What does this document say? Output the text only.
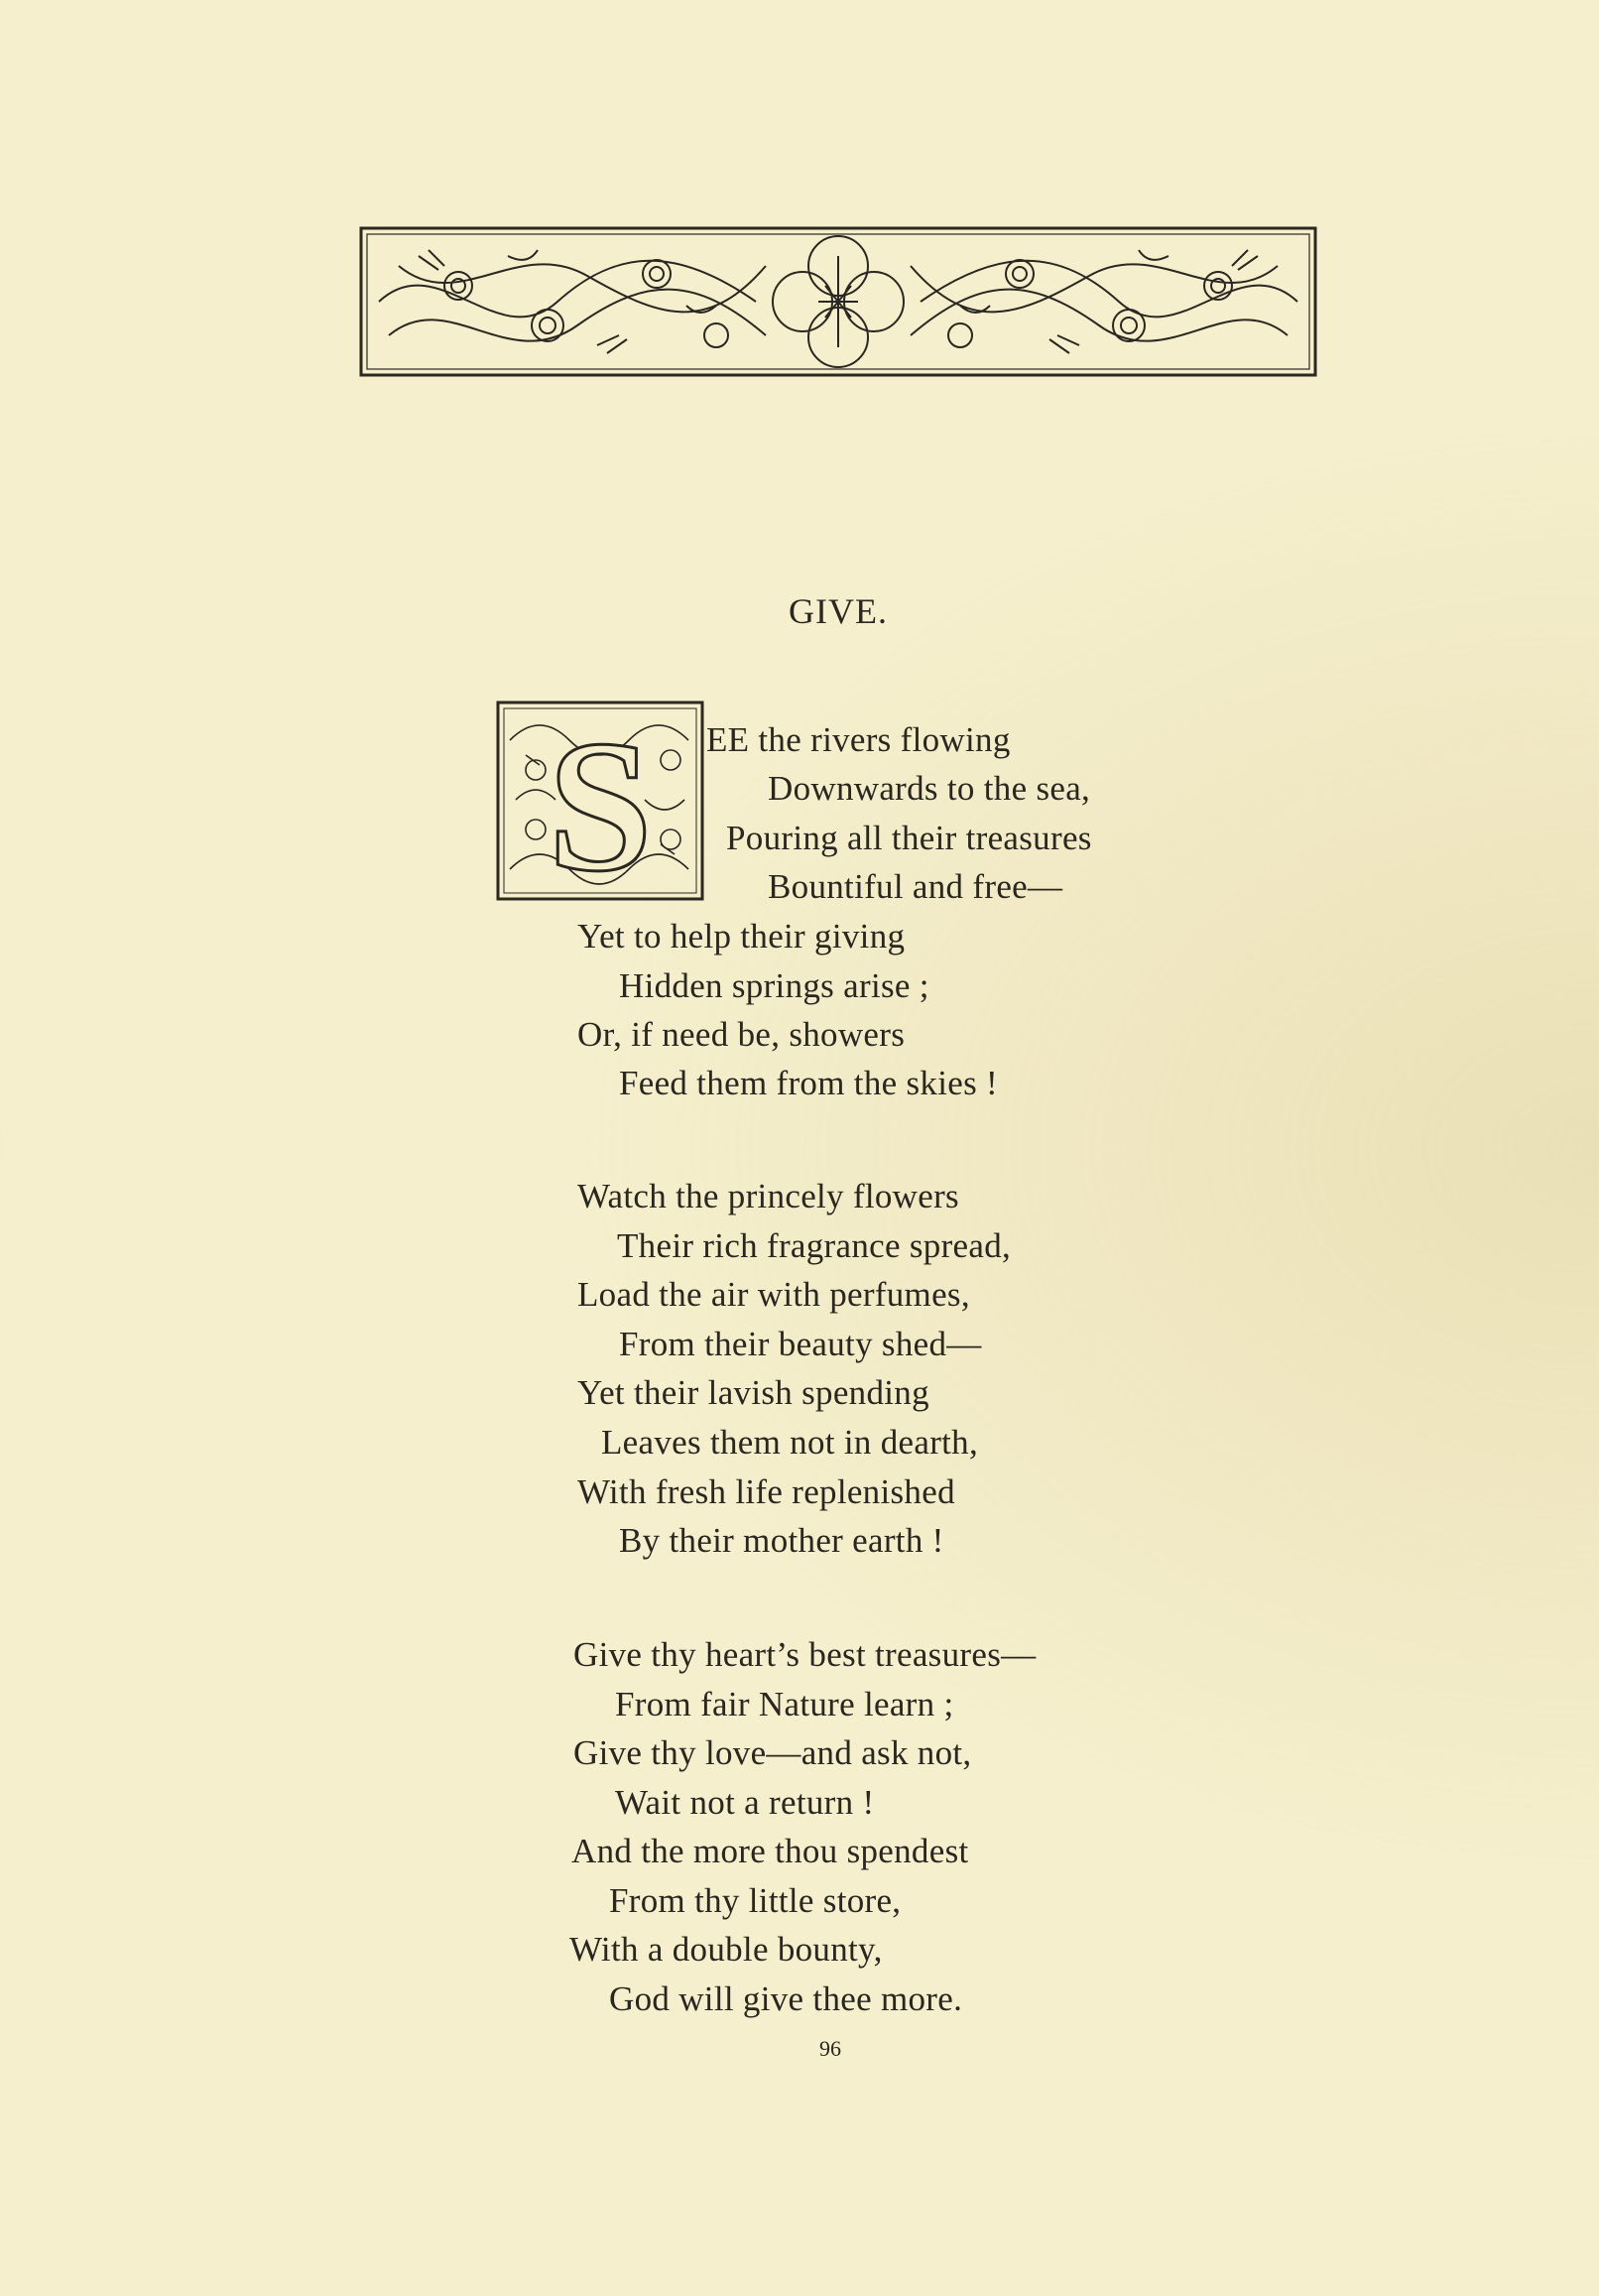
GIVE.
S EE the rivers flowing
Downwards to the sea,
Pouring all their treasures
Bountiful and free—
Yet to help their giving
Hidden springs arise ;
Or, if need be, showers
Feed them from the skies !
Watch the princely flowers
Their rich fragrance spread,
Load the air with perfumes,
From their beauty shed—
Yet their lavish spending
Leaves them not in dearth,
With fresh life replenished
By their mother earth !
Give thy heart’s best treasures—
From fair Nature learn ;
Give thy love—and ask not,
Wait not a return !
And the more thou spendest
From thy little store,
With a double bounty,
God will give thee more.
96
